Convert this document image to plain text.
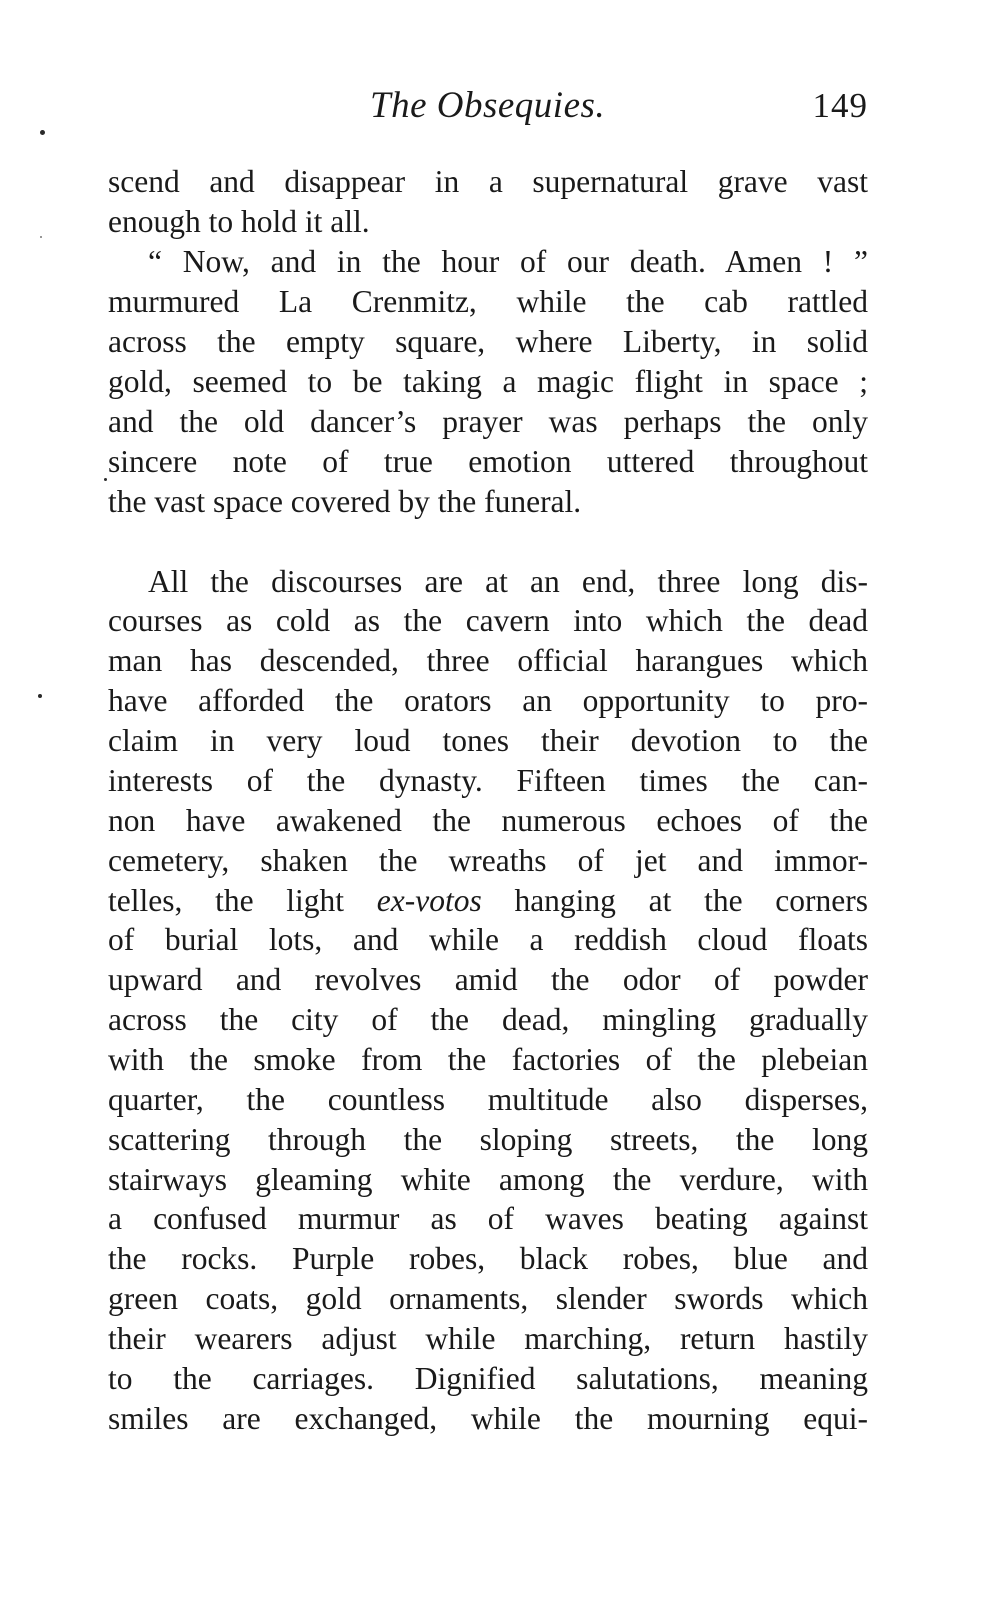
The Obsequies.	149
scend and disappear in a supernatural grave vast
enough to hold it all.
“ Now, and in the hour of our death. Amen ! ”
murmured La Crenmitz, while the cab rattled
across the empty square, where Liberty, in solid
gold, seemed to be taking a magic flight in space ;
and the old dancer’s prayer was perhaps the only
sincere note of true emotion uttered throughout
the vast space covered by the funeral.
All the discourses are at an end, three long dis-
courses as cold as the cavern into which the dead
man has descended, three official harangues which
have afforded the orators an opportunity to pro-
claim in very loud tones their devotion to the
interests of the dynasty. Fifteen times the can-
non have awakened the numerous echoes of the
cemetery, shaken the wreaths of jet and immor-
telles, the light ex-votos hanging at the corners
of burial lots, and while a reddish cloud floats
upward and revolves amid the odor of powder
across the city of the dead, mingling gradually
with the smoke from the factories of the plebeian
quarter, the countless multitude also disperses,
scattering through the sloping streets, the long
stairways gleaming white among the verdure, with
a confused murmur as of waves beating against
the rocks. Purple robes, black robes, blue and
green coats, gold ornaments, slender swords which
their wearers adjust while marching, return hastily
to the carriages. Dignified salutations, meaning
smiles are exchanged, while the mourning equi-
